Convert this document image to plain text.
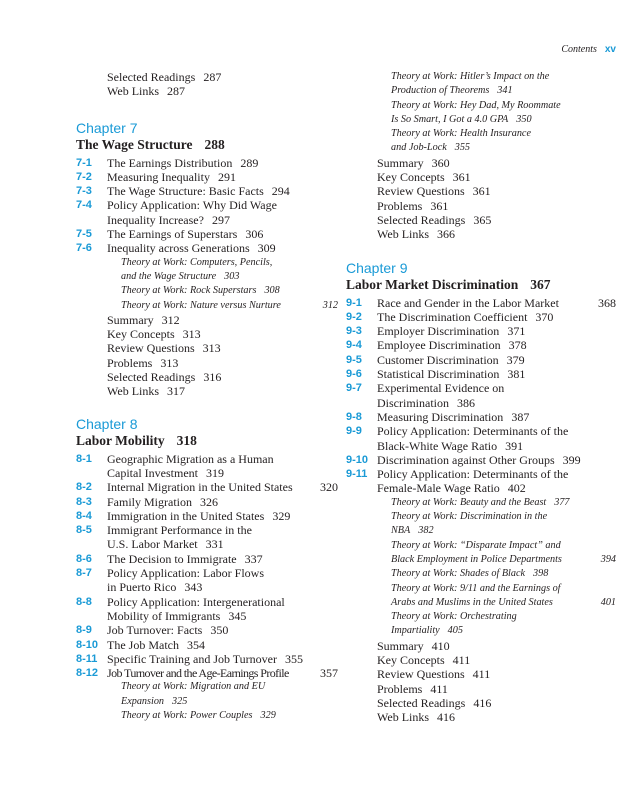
Contents xv
Selected Readings 287
Web Links 287
Chapter 7
The Wage Structure 288
7-1 The Earnings Distribution 289
7-2 Measuring Inequality 291
7-3 The Wage Structure: Basic Facts 294
7-4 Policy Application: Why Did Wage
Inequality Increase? 297
7-5 The Earnings of Superstars 306
7-6 Inequality across Generations 309
Theory at Work: Computers, Pencils,
and the Wage Structure 303
Theory at Work: Rock Superstars 308
Theory at Work: Nature versus Nurture	312
Summary 312
Key Concepts 313
Review Questions 313
Problems 313
Selected Readings 316
Web Links 317
Chapter 8
Labor Mobility 318
8-1 Geographic Migration as a Human
Capital Investment 319
8-2 Internal Migration in the United States 320
8-3 Family Migration 326
8-4 Immigration in the United States 329
8-5 Immigrant Performance in the
U.S. Labor Market 331
8-6 The Decision to Immigrate 337
8-7 Policy Application: Labor Flows
in Puerto Rico 343
8-8 Policy Application: Intergenerational
Mobility of Immigrants 345
8-9 Job Turnover: Facts 350
8-10 The Job Match 354
8-11 Specific Training and Job Turnover 355
8-12 Job Turnover and the Age-Earnings Profile	357
Theory at Work: Migration and EU
Expansion 325
Theory at Work: Power Couples 329
Theory at Work: Hitler’s Impact on the
Production of Theorems 341
Theory at Work: Hey Dad, My Roommate
Is So Smart, I Got a 4.0 GPA 350
Theory at Work: Health Insurance
and Job-Lock 355
Summary 360
Key Concepts 361
Review Questions 361
Problems 361
Selected Readings 365
Web Links 366
Chapter 9
Labor Market Discrimination 367
9-1 Race and Gender in the Labor Market	368
9-2 The Discrimination Coefficient 370
9-3 Employer Discrimination 371
9-4 Employee Discrimination 378
9-5 Customer Discrimination 379
9-6 Statistical Discrimination 381
9-7 Experimental Evidence on
Discrimination 386
9-8 Measuring Discrimination 387
9-9 Policy Application: Determinants of the
Black-White Wage Ratio 391
9-10 Discrimination against Other Groups 399
9-11 Policy Application: Determinants of the
Female-Male Wage Ratio 402
Theory at Work: Beauty and the Beast 377
Theory at Work: Discrimination in the
NBA 382
Theory at Work: “Disparate Impact” and
Black Employment in Police Departments	394
Theory at Work: Shades of Black 398
Theory at Work: 9/11 and the Earnings of
Arabs and Muslims in the United States	401
Theory at Work: Orchestrating
Impartiality 405
Summary 410
Key Concepts 411
Review Questions 411
Problems 411
Selected Readings 416
Web Links 416
